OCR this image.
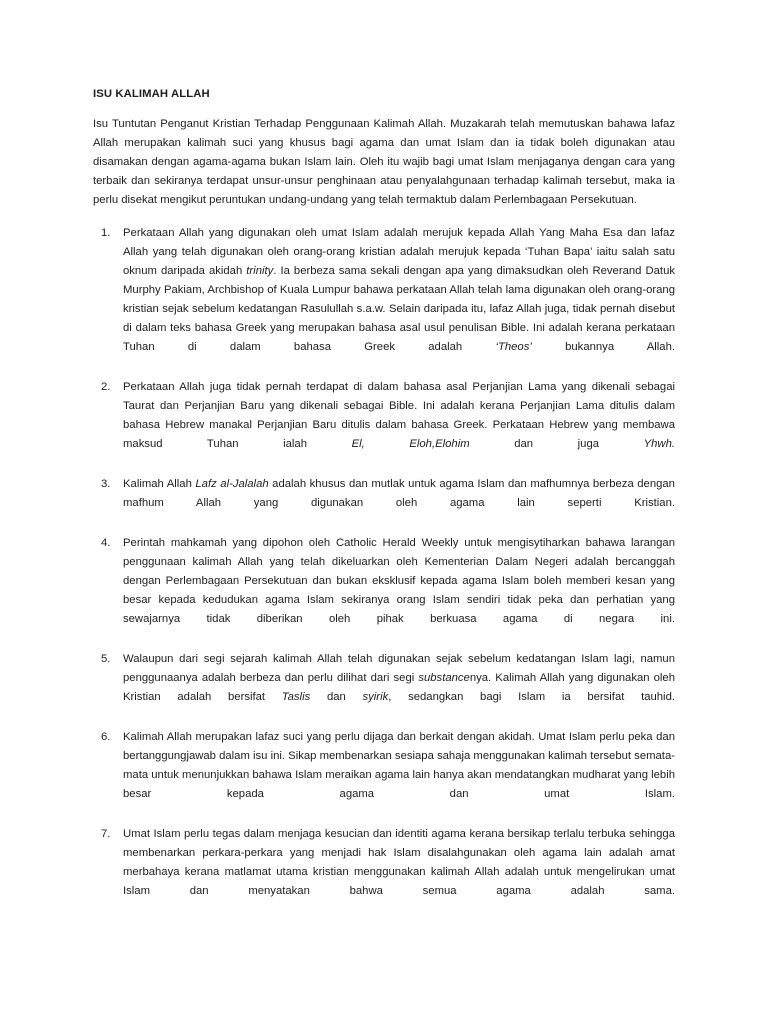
ISU KALIMAH ALLAH

Isu Tuntutan Penganut Kristian Terhadap Penggunaan Kalimah Allah. Muzakarah telah memutuskan bahawa lafaz Allah merupakan kalimah suci yang khusus bagi agama dan umat Islam dan ia tidak boleh digunakan atau disamakan dengan agama-agama bukan Islam lain. Oleh itu wajib bagi umat Islam menjaganya dengan cara yang terbaik dan sekiranya terdapat unsur-unsur penghinaan atau penyalahgunaan terhadap kalimah tersebut, maka ia perlu disekat mengikut peruntukan undang-undang yang telah termaktub dalam Perlembagaan Persekutuan.

1. Perkataan Allah yang digunakan oleh umat Islam adalah merujuk kepada Allah Yang Maha Esa dan lafaz Allah yang telah digunakan oleh orang-orang kristian adalah merujuk kepada ‘Tuhan Bapa’ iaitu salah satu oknum daripada akidah trinity. Ia berbeza sama sekali dengan apa yang dimaksudkan oleh Reverand Datuk Murphy Pakiam, Archbishop of Kuala Lumpur bahawa perkataan Allah telah lama digunakan oleh orang-orang kristian sejak sebelum kedatangan Rasulullah s.a.w. Selain daripada itu, lafaz Allah juga, tidak pernah disebut di dalam teks bahasa Greek yang merupakan bahasa asal usul penulisan Bible. Ini adalah kerana perkataan Tuhan di dalam bahasa Greek adalah ‘Theos’ bukannya Allah.
2. Perkataan Allah juga tidak pernah terdapat di dalam bahasa asal Perjanjian Lama yang dikenali sebagai Taurat dan Perjanjian Baru yang dikenali sebagai Bible. Ini adalah kerana Perjanjian Lama ditulis dalam bahasa Hebrew manakal Perjanjian Baru ditulis dalam bahasa Greek. Perkataan Hebrew yang membawa maksud Tuhan ialah El, Eloh,Elohim dan juga Yhwh.
3. Kalimah Allah Lafz al-Jalalah adalah khusus dan mutlak untuk agama Islam dan mafhumnya berbeza dengan mafhum Allah yang digunakan oleh agama lain seperti Kristian.
4. Perintah mahkamah yang dipohon oleh Catholic Herald Weekly untuk mengisytiharkan bahawa larangan penggunaan kalimah Allah yang telah dikeluarkan oleh Kementerian Dalam Negeri adalah bercanggah dengan Perlembagaan Persekutuan dan bukan eksklusif kepada agama Islam boleh memberi kesan yang besar kepada kedudukan agama Islam sekiranya orang Islam sendiri tidak peka dan perhatian yang sewajarnya tidak diberikan oleh pihak berkuasa agama di negara ini.
5. Walaupun dari segi sejarah kalimah Allah telah digunakan sejak sebelum kedatangan Islam lagi, namun penggunaanya adalah berbeza dan perlu dilihat dari segi substancenya. Kalimah Allah yang digunakan oleh Kristian adalah bersifat Taslis dan syirik, sedangkan bagi Islam ia bersifat tauhid.
6. Kalimah Allah merupakan lafaz suci yang perlu dijaga dan berkait dengan akidah. Umat Islam perlu peka dan bertanggungjawab dalam isu ini. Sikap membenarkan sesiapa sahaja menggunakan kalimah tersebut semata-mata untuk menunjukkan bahawa Islam meraikan agama lain hanya akan mendatangkan mudharat yang lebih besar kepada agama dan umat Islam.
7. Umat Islam perlu tegas dalam menjaga kesucian dan identiti agama kerana bersikap terlalu terbuka sehingga membenarkan perkara-perkara yang menjadi hak Islam disalahgunakan oleh agama lain adalah amat merbahaya kerana matlamat utama kristian menggunakan kalimah Allah adalah untuk mengelirukan umat Islam dan menyatakan bahwa semua agama adalah sama.
